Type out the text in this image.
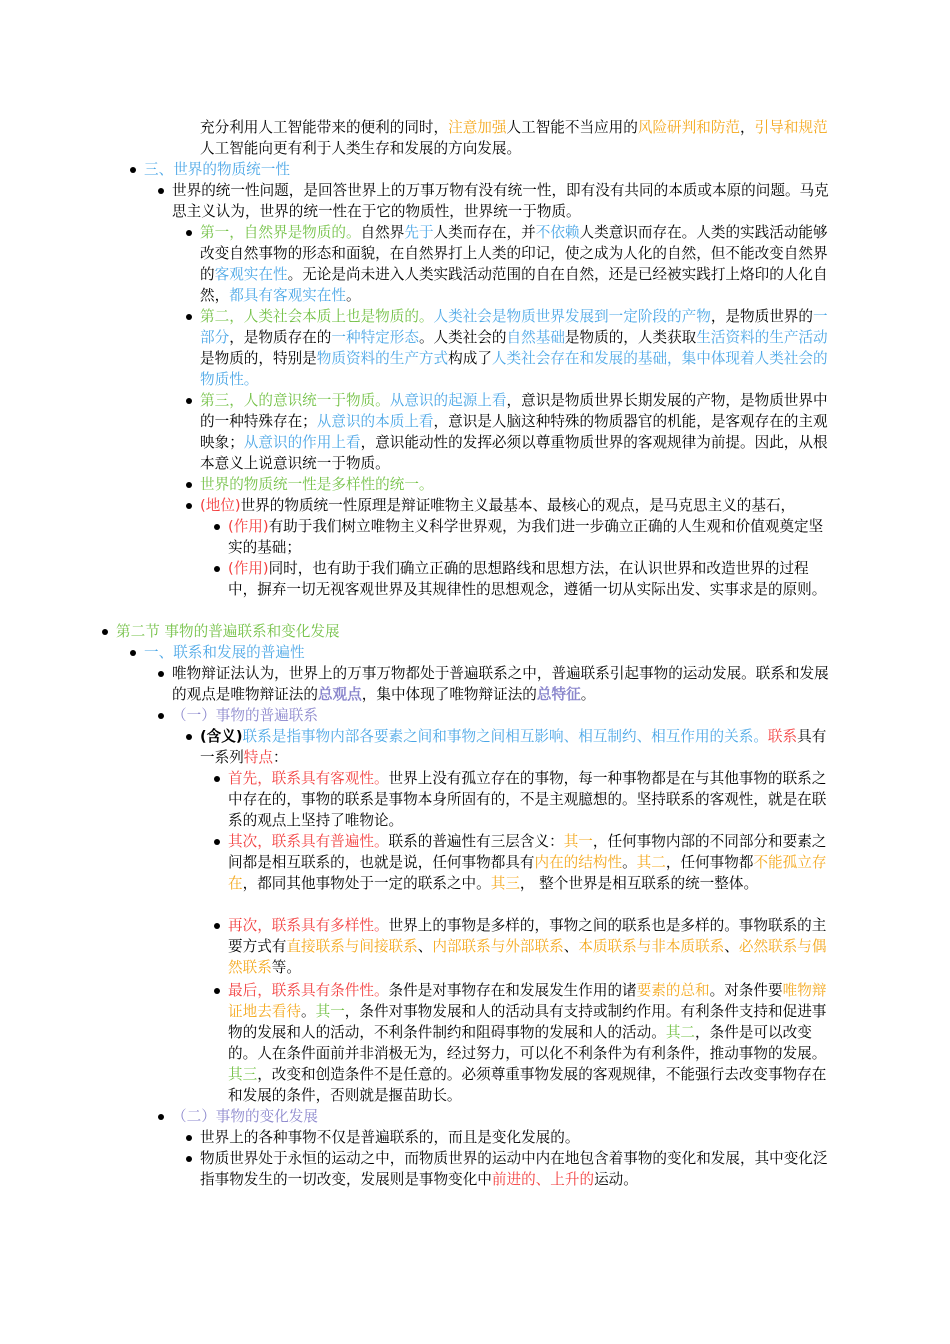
充分利用人工智能带来的便利的同时，注意加强人工智能不当应用的风险研判和防范，引导和规范人工智能向更有利于人类生存和发展的方向发展。

三、世界的物质统一性

世界的统一性问题，是回答世界上的万事万物有没有统一性，即有没有共同的本质或本原的问题。马克思主义认为，世界的统一性在于它的物质性，世界统一于物质。

第一，自然界是物质的。自然界先于人类而存在，并不依赖人类意识而存在。人类的实践活动能够改变自然事物的形态和面貌，在自然界打上人类的印记，使之成为人化的自然，但不能改变自然界的客观实在性。无论是尚未进入人类实践活动范围的自在自然，还是已经被实践打上烙印的人化自然，都具有客观实在性。

第二，人类社会本质上也是物质的。人类社会是物质世界发展到一定阶段的产物，是物质世界的一部分，是物质存在的一种特定形态。人类社会的自然基础是物质的，人类获取生活资料的生产活动是物质的，特别是物质资料的生产方式构成了人类社会存在和发展的基础，集中体现着人类社会的物质性。

第三，人的意识统一于物质。从意识的起源上看，意识是物质世界长期发展的产物，是物质世界中的一种特殊存在；从意识的本质上看，意识是人脑这种特殊的物质器官的机能，是客观存在的主观映象；从意识的作用上看，意识能动性的发挥必须以尊重物质世界的客观规律为前提。因此，从根本意义上说意识统一于物质。

世界的物质统一性是多样性的统一。

(地位)世界的物质统一性原理是辩证唯物主义最基本、最核心的观点，是马克思主义的基石，

(作用)有助于我们树立唯物主义科学世界观，为我们进一步确立正确的人生观和价值观奠定坚实的基础；

(作用)同时，也有助于我们确立正确的思想路线和思想方法，在认识世界和改造世界的过程中，摒弃一切无视客观世界及其规律性的思想观念，遵循一切从实际出发、实事求是的原则。

第二节 事物的普遍联系和变化发展

一、联系和发展的普遍性

唯物辩证法认为，世界上的万事万物都处于普遍联系之中，普遍联系引起事物的运动发展。联系和发展的观点是唯物辩证法的总观点，集中体现了唯物辩证法的总特征。

（一）事物的普遍联系

(含义)联系是指事物内部各要素之间和事物之间相互影响、相互制约、相互作用的关系。联系具有一系列特点：

首先，联系具有客观性。世界上没有孤立存在的事物，每一种事物都是在与其他事物的联系之中存在的，事物的联系是事物本身所固有的，不是主观臆想的。坚持联系的客观性，就是在联系的观点上坚持了唯物论。

其次，联系具有普遍性。联系的普遍性有三层含义：其一，任何事物内部的不同部分和要素之间都是相互联系的，也就是说，任何事物都具有内在的结构性。其二，任何事物都不能孤立存在，都同其他事物处于一定的联系之中。其三， 整个世界是相互联系的统一整体。

再次，联系具有多样性。世界上的事物是多样的，事物之间的联系也是多样的。事物联系的主要方式有直接联系与间接联系、内部联系与外部联系、本质联系与非本质联系、必然联系与偶然联系等。

最后，联系具有条件性。条件是对事物存在和发展发生作用的诸要素的总和。对条件要唯物辩证地去看待。其一，条件对事物发展和人的活动具有支持或制约作用。有利条件支持和促进事物的发展和人的活动，不利条件制约和阻碍事物的发展和人的活动。其二，条件是可以改变的。人在条件面前并非消极无为，经过努力，可以化不利条件为有利条件，推动事物的发展。其三，改变和创造条件不是任意的。必须尊重事物发展的客观规律，不能强行去改变事物存在和发展的条件，否则就是揠苗助长。

（二）事物的变化发展

世界上的各种事物不仅是普遍联系的，而且是变化发展的。

物质世界处于永恒的运动之中，而物质世界的运动中内在地包含着事物的变化和发展，其中变化泛指事物发生的一切改变，发展则是事物变化中前进的、上升的运动。
